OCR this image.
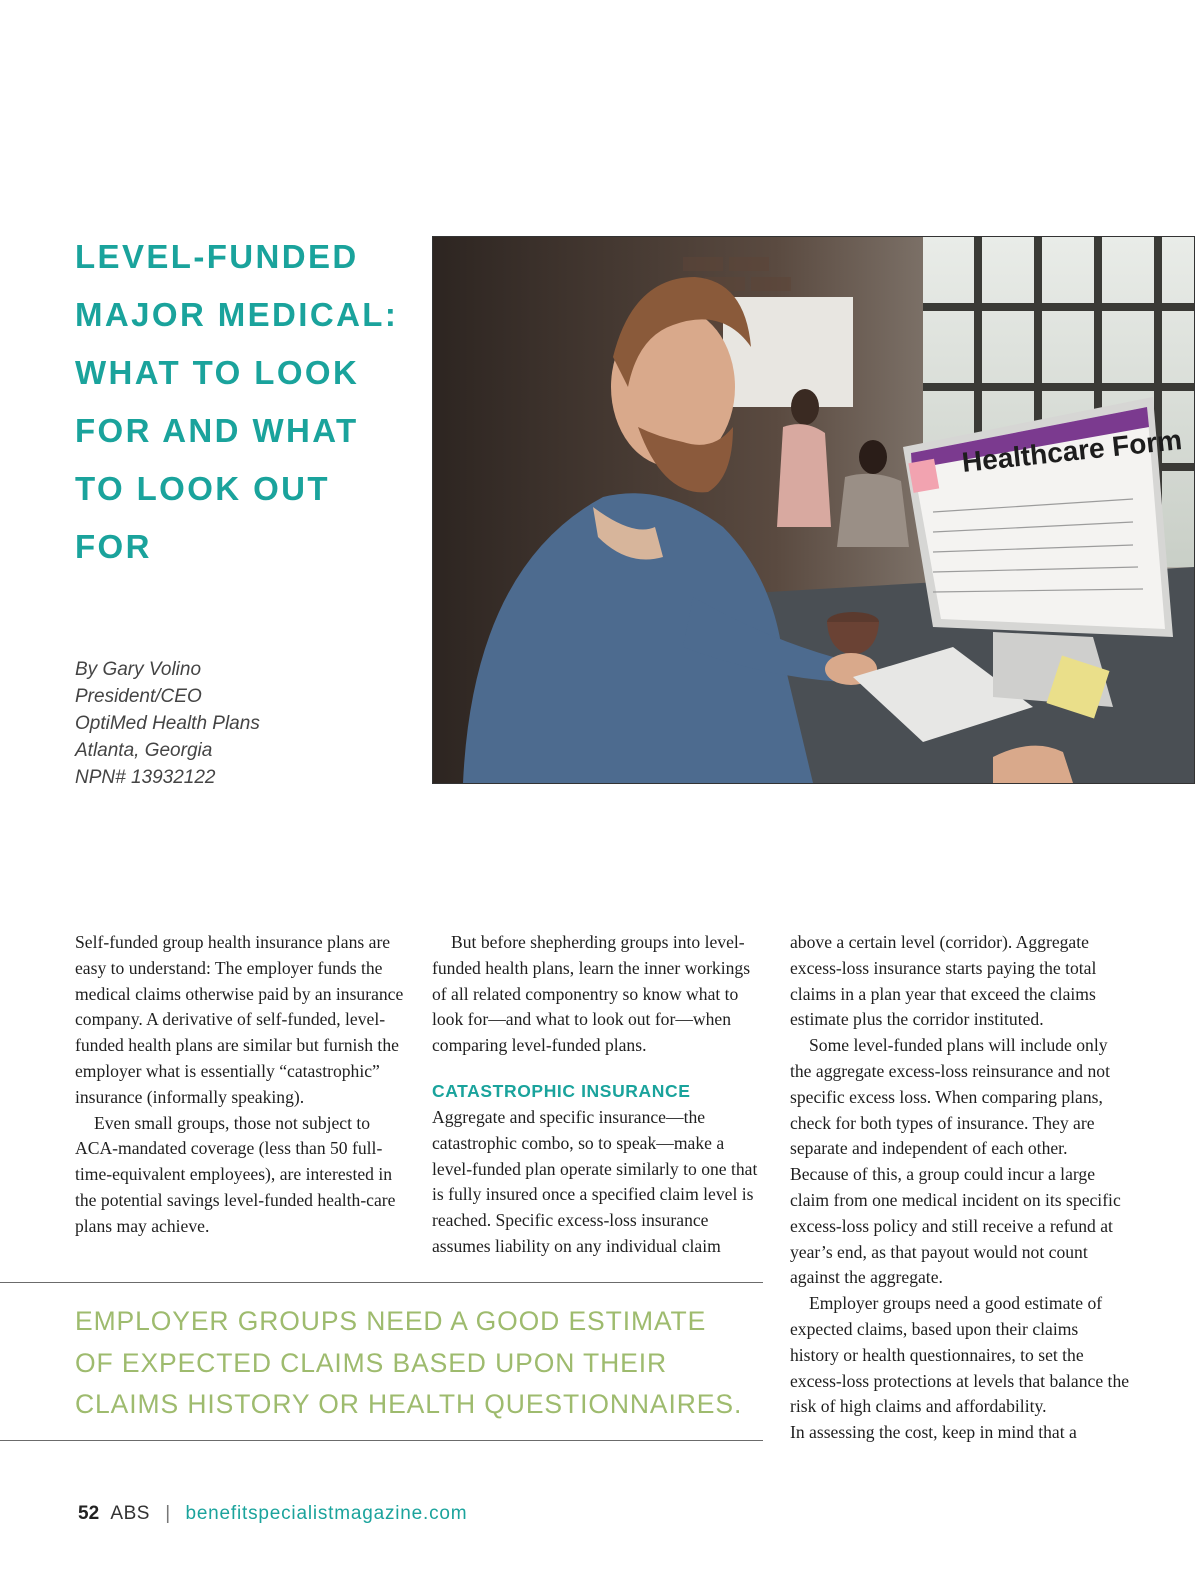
LEVEL-FUNDED
MAJOR MEDICAL:
WHAT TO LOOK
FOR AND WHAT
TO LOOK OUT
FOR
By Gary Volino
President/CEO
OptiMed Health Plans
Atlanta, Georgia
NPN# 13932122
Healthcare Form

Self-funded group health insurance plans are easy to understand: The employer funds the medical claims otherwise paid by an insurance company. A derivative of self-funded, level-funded health plans are similar but furnish the employer what is essentially “catastrophic” insurance (informally speaking).

Even small groups, those not subject to ACA-mandated coverage (less than 50 full-time-equivalent employees), are interested in the potential savings level-funded health-care plans may achieve.

But before shepherding groups into level-funded health plans, learn the inner workings of all related componentry so know what to look for—and what to look out for—when comparing level-funded plans.

CATASTROPHIC INSURANCE

Aggregate and specific insurance—the catastrophic combo, so to speak—make a level-funded plan operate similarly to one that is fully insured once a specified claim level is reached. Specific excess-loss insurance assumes liability on any individual claim

above a certain level (corridor). Aggregate excess-loss insurance starts paying the total claims in a plan year that exceed the claims estimate plus the corridor instituted.

Some level-funded plans will include only the aggregate excess-loss reinsurance and not specific excess loss. When comparing plans, check for both types of insurance. They are separate and independent of each other. Because of this, a group could incur a large claim from one medical incident on its specific excess-loss policy and still receive a refund at year’s end, as that payout would not count against the aggregate.

Employer groups need a good estimate of expected claims, based upon their claims history or health questionnaires, to set the excess-loss protections at levels that balance the risk of high claims and affordability.

In assessing the cost, keep in mind that a

EMPLOYER GROUPS NEED A GOOD ESTIMATE
OF EXPECTED CLAIMS BASED UPON THEIR
CLAIMS HISTORY OR HEALTH QUESTIONNAIRES.
52 ABS | benefitspecialistmagazine.com
